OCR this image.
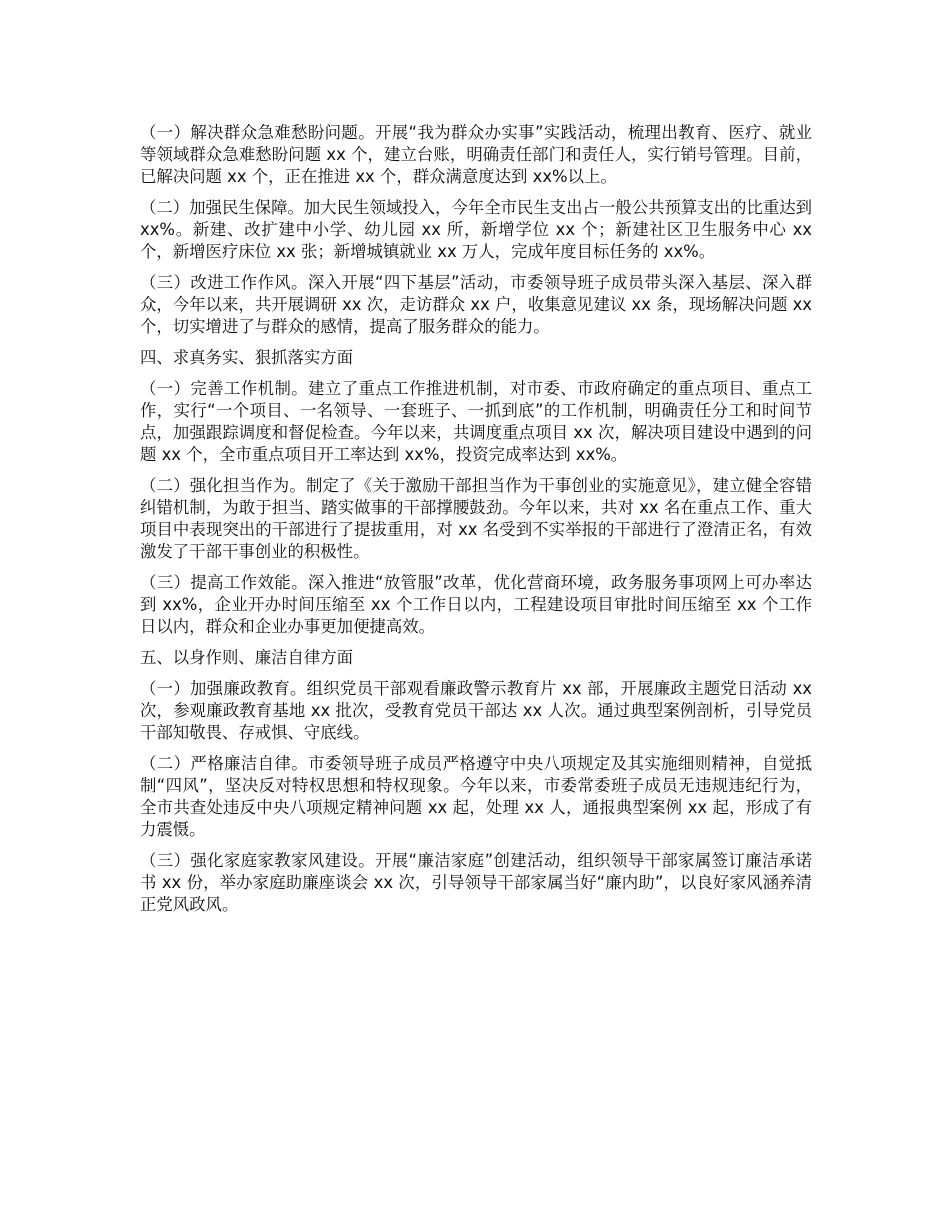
（一）解决群众急难愁盼问题。开展“我为群众办实事”实践活动，梳理出教育、医疗、就业等领域群众急难愁盼问题 xx 个，建立台账，明确责任部门和责任人，实行销号管理。目前，已解决问题 xx 个，正在推进 xx 个，群众满意度达到 xx%以上。

（二）加强民生保障。加大民生领域投入，今年全市民生支出占一般公共预算支出的比重达到 xx%。新建、改扩建中小学、幼儿园 xx 所，新增学位 xx 个；新建社区卫生服务中心 xx 个，新增医疗床位 xx 张；新增城镇就业 xx 万人，完成年度目标任务的 xx%。

（三）改进工作作风。深入开展“四下基层”活动，市委领导班子成员带头深入基层、深入群众，今年以来，共开展调研 xx 次，走访群众 xx 户，收集意见建议 xx 条，现场解决问题 xx 个，切实增进了与群众的感情，提高了服务群众的能力。

四、求真务实、狠抓落实方面

（一）完善工作机制。建立了重点工作推进机制，对市委、市政府确定的重点项目、重点工作，实行“一个项目、一名领导、一套班子、一抓到底”的工作机制，明确责任分工和时间节点，加强跟踪调度和督促检查。今年以来，共调度重点项目 xx 次，解决项目建设中遇到的问题 xx 个，全市重点项目开工率达到 xx%，投资完成率达到 xx%。

（二）强化担当作为。制定了《关于激励干部担当作为干事创业的实施意见》，建立健全容错纠错机制，为敢于担当、踏实做事的干部撑腰鼓劲。今年以来，共对 xx 名在重点工作、重大项目中表现突出的干部进行了提拔重用，对 xx 名受到不实举报的干部进行了澄清正名，有效激发了干部干事创业的积极性。

（三）提高工作效能。深入推进“放管服”改革，优化营商环境，政务服务事项网上可办率达到 xx%，企业开办时间压缩至 xx 个工作日以内，工程建设项目审批时间压缩至 xx 个工作日以内，群众和企业办事更加便捷高效。

五、以身作则、廉洁自律方面

（一）加强廉政教育。组织党员干部观看廉政警示教育片 xx 部，开展廉政主题党日活动 xx 次，参观廉政教育基地 xx 批次，受教育党员干部达 xx 人次。通过典型案例剖析，引导党员干部知敬畏、存戒惧、守底线。

（二）严格廉洁自律。市委领导班子成员严格遵守中央八项规定及其实施细则精神，自觉抵制“四风”，坚决反对特权思想和特权现象。今年以来，市委常委班子成员无违规违纪行为，全市共查处违反中央八项规定精神问题 xx 起，处理 xx 人，通报典型案例 xx 起，形成了有力震慑。

（三）强化家庭家教家风建设。开展“廉洁家庭”创建活动，组织领导干部家属签订廉洁承诺书 xx 份，举办家庭助廉座谈会 xx 次，引导领导干部家属当好“廉内助”，以良好家风涵养清正党风政风。
